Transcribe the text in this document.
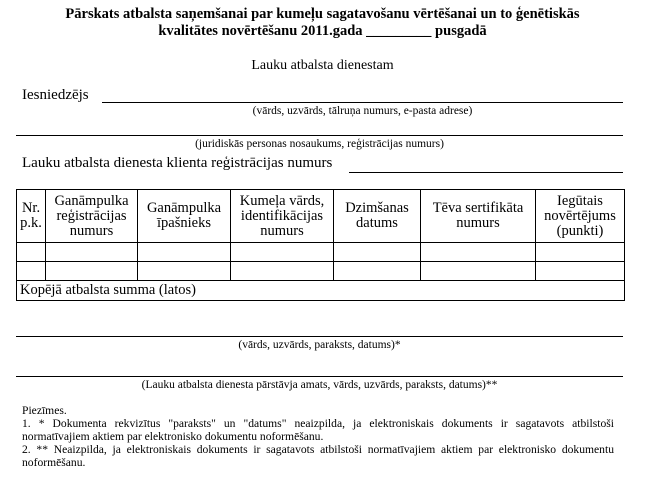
Pārskats atbalsta saņemšanai par kumeļu sagatavošanu vērtēšanai un to ģenētiskās
kvalitātes novērtēšanu 2011.gada _________ pusgadā
Lauku atbalsta dienestam
Iesniedzējs
(vārds, uzvārds, tālruņa numurs, e-pasta adrese)
(juridiskās personas nosaukums, reģistrācijas numurs)
Lauku atbalsta dienesta klienta reģistrācijas numurs
Nr. p.k.	Ganāmpulka reģistrācijas numurs	Ganāmpulka īpašnieks	Kumeļa vārds, identifikācijas numurs	Dzimšanas datums	Tēva sertifikāta numurs	Iegūtais novērtējums (punkti)

Kopējā atbalsta summa (latos)						
(vārds, uzvārds, paraksts, datums)*
(Lauku atbalsta dienesta pārstāvja amats, vārds, uzvārds, paraksts, datums)**

Piezīmes.

1. * Dokumenta rekvizītus "paraksts" un "datums" neaizpilda, ja elektroniskais dokuments ir sagatavots atbilstoši normatīvajiem aktiem par elektronisko dokumentu noformēšanu.

2. ** Neaizpilda, ja elektroniskais dokuments ir sagatavots atbilstoši normatīvajiem aktiem par elektronisko dokumentu noformēšanu.
